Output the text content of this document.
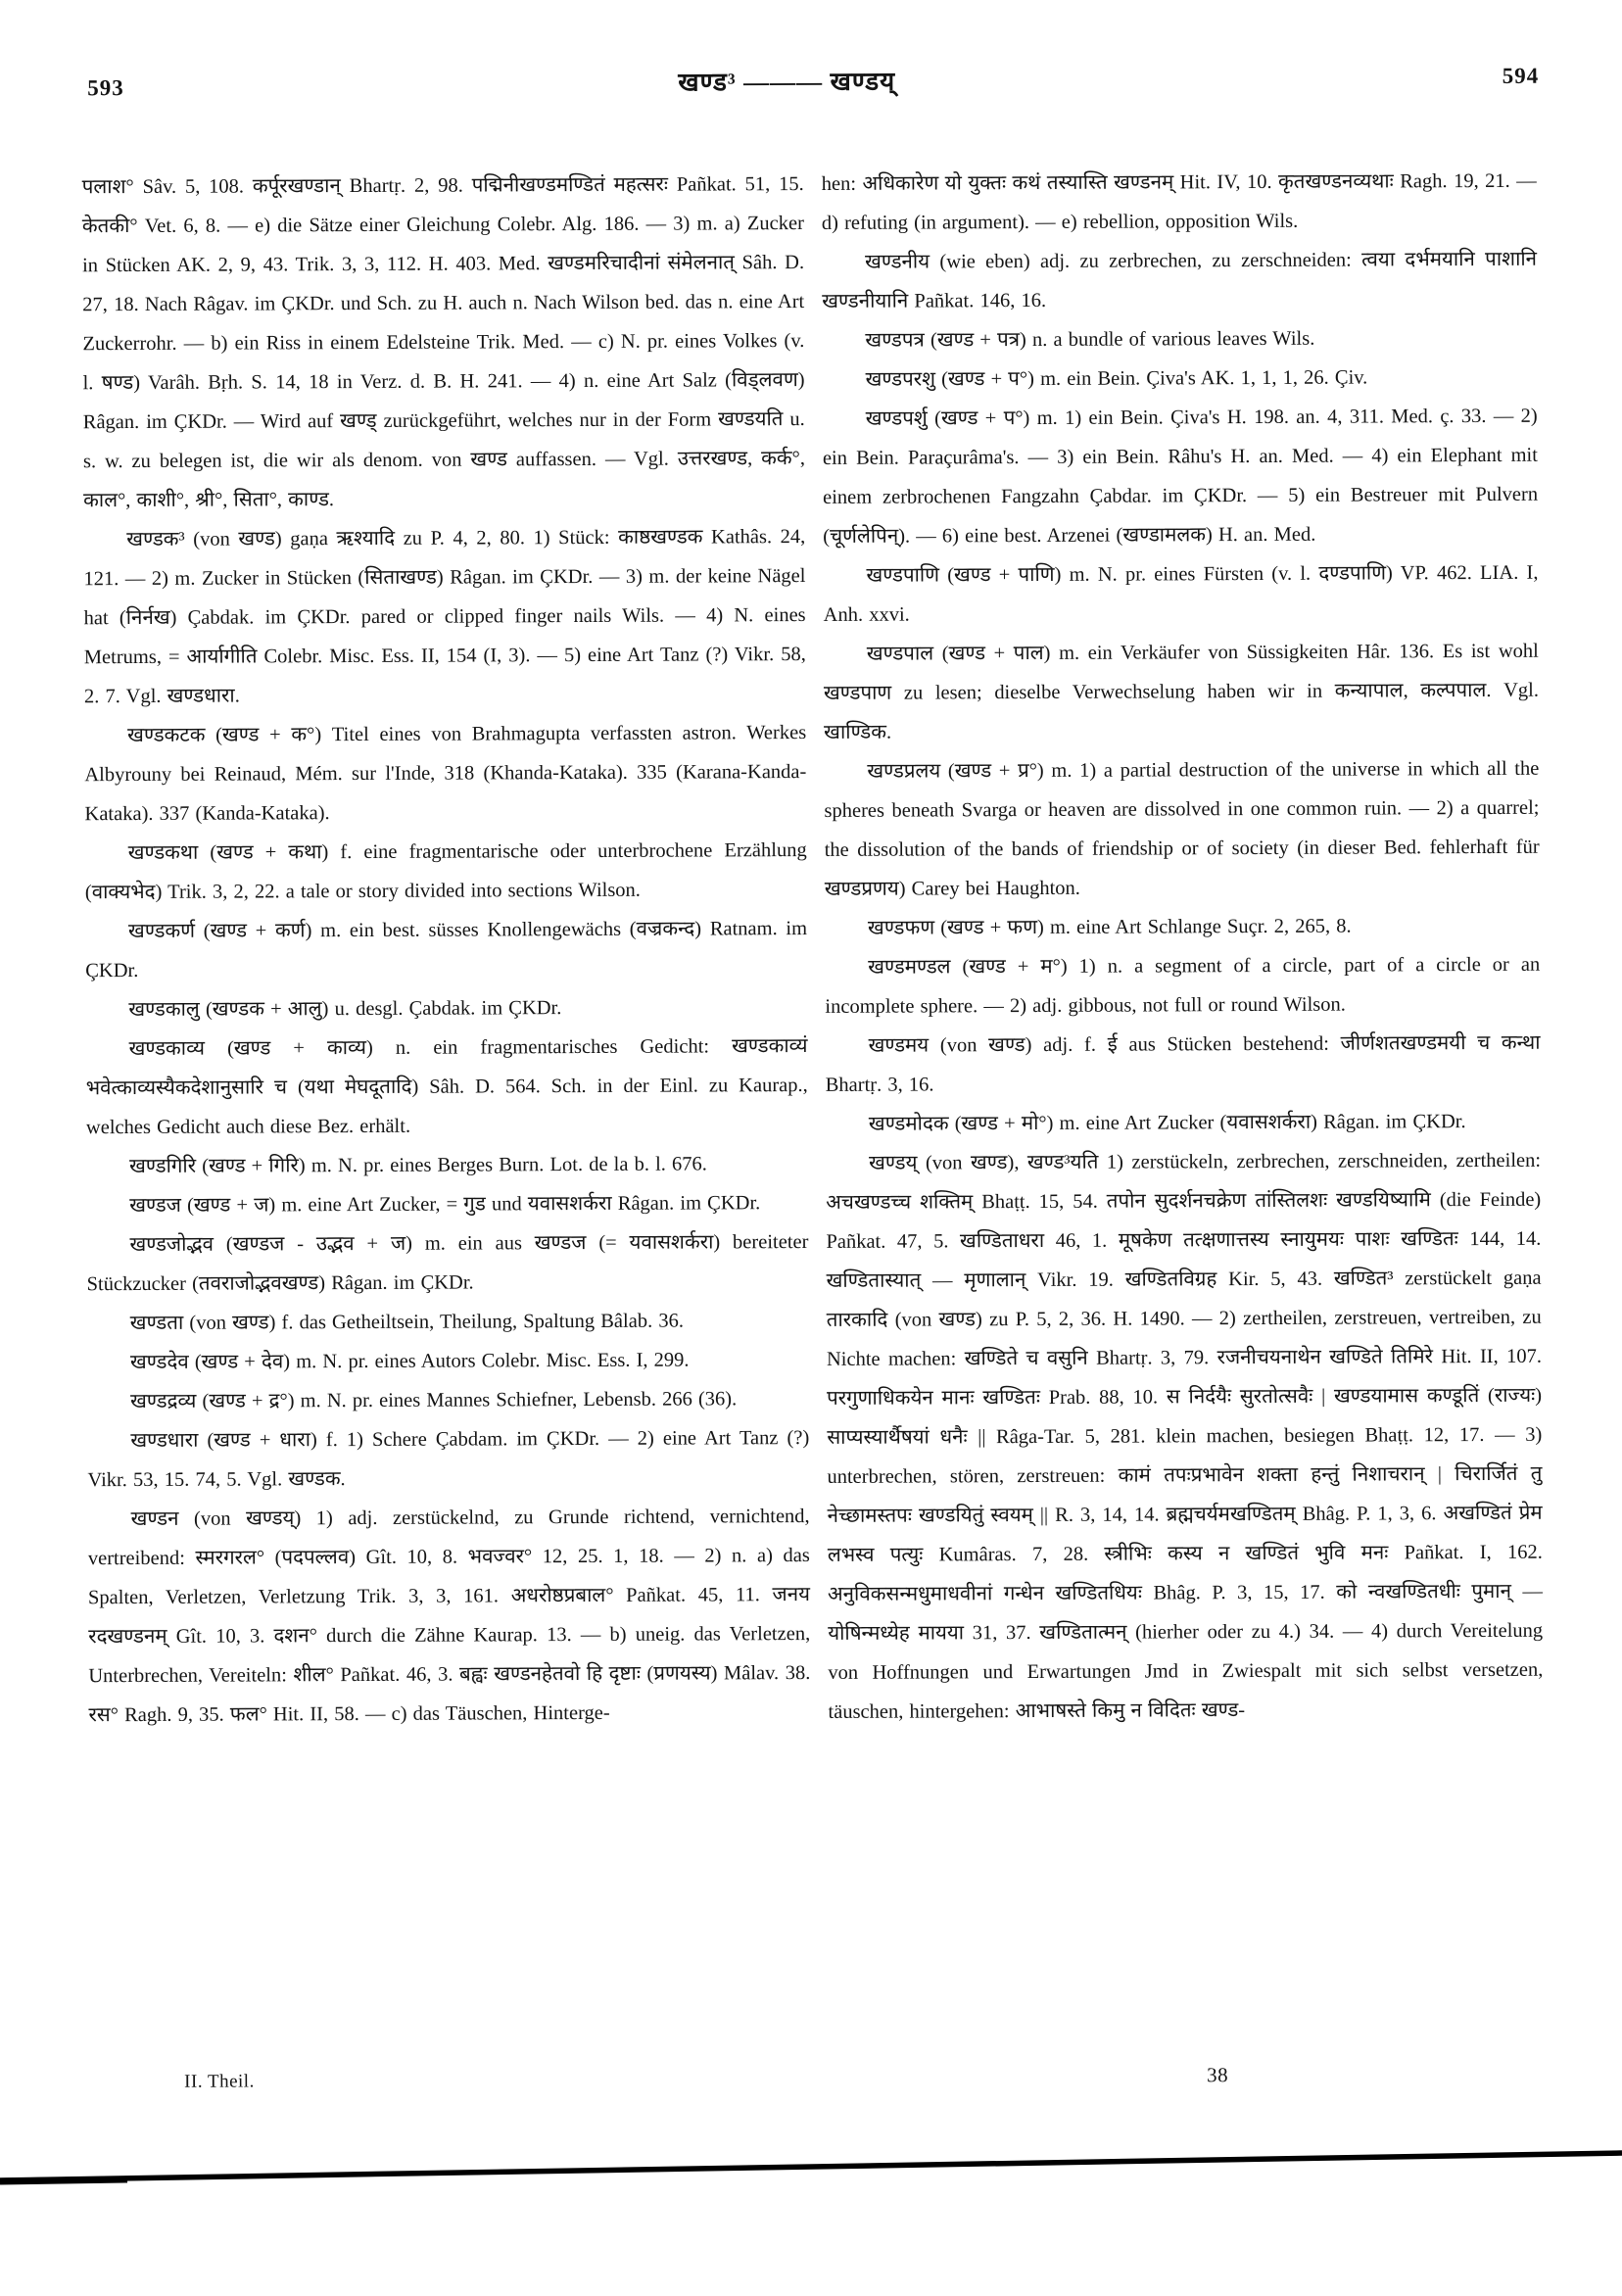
593	खण्ड³ ——— खण्डय्	594

पलाश° Sâv. 5, 108. कर्पूरखण्डान् Bhartṛ. 2, 98. पद्मिनीखण्डमण्डितं महत्सरः Pañkat. 51, 15. केतकी° Vet. 6, 8. — e) die Sätze einer Gleichung Colebr. Alg. 186. — 3) m. a) Zucker in Stücken AK. 2, 9, 43. Trik. 3, 3, 112. H. 403. Med. खण्डमरिचादीनां संमेलनात् Sâh. D. 27, 18. Nach Râgav. im ÇKDr. und Sch. zu H. auch n. Nach Wilson bed. das n. eine Art Zuckerrohr. — b) ein Riss in einem Edelsteine Trik. Med. — c) N. pr. eines Volkes (v. l. षण्ड) Varâh. Bṛh. S. 14, 18 in Verz. d. B. H. 241. — 4) n. eine Art Salz (विड्लवण) Râgan. im ÇKDr. — Wird auf खण्ड् zurückgeführt, welches nur in der Form खण्डयति u. s. w. zu belegen ist, die wir als denom. von खण्ड auffassen. — Vgl. उत्तरखण्ड, कर्क°, काल°, काशी°, श्री°, सिता°, काण्ड.

खण्डक³ (von खण्ड) gaṇa ऋश्यादि zu P. 4, 2, 80. 1) Stück: काष्ठखण्डक Kathâs. 24, 121. — 2) m. Zucker in Stücken (सिताखण्ड) Râgan. im ÇKDr. — 3) m. der keine Nägel hat (निर्नख) Çabdak. im ÇKDr. pared or clipped finger nails Wils. — 4) N. eines Metrums, = आर्यागीति Colebr. Misc. Ess. II, 154 (I, 3). — 5) eine Art Tanz (?) Vikr. 58, 2. 7. Vgl. खण्डधारा.

खण्डकटक (खण्ड + क°) Titel eines von Brahmagupta verfassten astron. Werkes Albyrouny bei Reinaud, Mém. sur l'Inde, 318 (Khanda-Kataka). 335 (Karana-Kanda-Kataka). 337 (Kanda-Kataka).

खण्डकथा (खण्ड + कथा) f. eine fragmentarische oder unterbrochene Erzählung (वाक्यभेद) Trik. 3, 2, 22. a tale or story divided into sections Wilson.

खण्डकर्ण (खण्ड + कर्ण) m. ein best. süsses Knollengewächs (वज्रकन्द) Ratnam. im ÇKDr.

खण्डकालु (खण्डक + आलु) u. desgl. Çabdak. im ÇKDr.

खण्डकाव्य (खण्ड + काव्य) n. ein fragmentarisches Gedicht: खण्डकाव्यं भवेत्काव्यस्यैकदेशानुसारि च (यथा मेघदूतादि) Sâh. D. 564. Sch. in der Einl. zu Kaurap., welches Gedicht auch diese Bez. erhält.

खण्डगिरि (खण्ड + गिरि) m. N. pr. eines Berges Burn. Lot. de la b. l. 676.

खण्डज (खण्ड + ज) m. eine Art Zucker, = गुड und यवासशर्करा Râgan. im ÇKDr.

खण्डजोद्भव (खण्डज - उद्भव + ज) m. ein aus खण्डज (= यवासशर्करा) bereiteter Stückzucker (तवराजोद्भवखण्ड) Râgan. im ÇKDr.

खण्डता (von खण्ड) f. das Getheiltsein, Theilung, Spaltung Bâlab. 36.

खण्डदेव (खण्ड + देव) m. N. pr. eines Autors Colebr. Misc. Ess. I, 299.

खण्डद्रव्य (खण्ड + द्र°) m. N. pr. eines Mannes Schiefner, Lebensb. 266 (36).

खण्डधारा (खण्ड + धारा) f. 1) Schere Çabdam. im ÇKDr. — 2) eine Art Tanz (?) Vikr. 53, 15. 74, 5. Vgl. खण्डक.

खण्डन (von खण्डय्) 1) adj. zerstückelnd, zu Grunde richtend, vernichtend, vertreibend: स्मरगरल° (पदपल्लव) Gît. 10, 8. भवज्वर° 12, 25. 1, 18. — 2) n. a) das Spalten, Verletzen, Verletzung Trik. 3, 3, 161. अधरोष्ठप्रबाल° Pañkat. 45, 11. जनय रदखण्डनम् Gît. 10, 3. दशन° durch die Zähne Kaurap. 13. — b) uneig. das Verletzen, Unterbrechen, Vereiteln: शील° Pañkat. 46, 3. बह्वः खण्डनहेतवो हि दृष्टाः (प्रणयस्य) Mâlav. 38. रस° Ragh. 9, 35. फल° Hit. II, 58. — c) das Täuschen, Hinterge-

hen: अधिकारेण यो युक्तः कथं तस्यास्ति खण्डनम् Hit. IV, 10. कृतखण्डनव्यथाः Ragh. 19, 21. — d) refuting (in argument). — e) rebellion, opposition Wils.

खण्डनीय (wie eben) adj. zu zerbrechen, zu zerschneiden: त्वया दर्भमयानि पाशानि खण्डनीयानि Pañkat. 146, 16.

खण्डपत्र (खण्ड + पत्र) n. a bundle of various leaves Wils.

खण्डपरशु (खण्ड + प°) m. ein Bein. Çiva's AK. 1, 1, 1, 26. Çiv.

खण्डपर्शु (खण्ड + प°) m. 1) ein Bein. Çiva's H. 198. an. 4, 311. Med. ç. 33. — 2) ein Bein. Paraçurâma's. — 3) ein Bein. Râhu's H. an. Med. — 4) ein Elephant mit einem zerbrochenen Fangzahn Çabdar. im ÇKDr. — 5) ein Bestreuer mit Pulvern (चूर्णलेपिन्). — 6) eine best. Arzenei (खण्डामलक) H. an. Med.

खण्डपाणि (खण्ड + पाणि) m. N. pr. eines Fürsten (v. l. दण्डपाणि) VP. 462. LIA. I, Anh. xxvi.

खण्डपाल (खण्ड + पाल) m. ein Verkäufer von Süssigkeiten Hâr. 136. Es ist wohl खण्डपाण zu lesen; dieselbe Verwechselung haben wir in कन्यापाल, कल्पपाल. Vgl. खाण्डिक.

खण्डप्रलय (खण्ड + प्र°) m. 1) a partial destruction of the universe in which all the spheres beneath Svarga or heaven are dissolved in one common ruin. — 2) a quarrel; the dissolution of the bands of friendship or of society (in dieser Bed. fehlerhaft für खण्डप्रणय) Carey bei Haughton.

खण्डफण (खण्ड + फण) m. eine Art Schlange Suçr. 2, 265, 8.

खण्डमण्डल (खण्ड + म°) 1) n. a segment of a circle, part of a circle or an incomplete sphere. — 2) adj. gibbous, not full or round Wilson.

खण्डमय (von खण्ड) adj. f. ई aus Stücken bestehend: जीर्णशतखण्डमयी च कन्था Bhartṛ. 3, 16.

खण्डमोदक (खण्ड + मो°) m. eine Art Zucker (यवासशर्करा) Râgan. im ÇKDr.

खण्डय् (von खण्ड), खण्ड³यति 1) zerstückeln, zerbrechen, zerschneiden, zertheilen: अचखण्डच्च शक्तिम् Bhaṭṭ. 15, 54. तपोन सुदर्शनचक्रेण तांस्तिलशः खण्डयिष्यामि (die Feinde) Pañkat. 47, 5. खण्डिताधरा 46, 1. मूषकेण तत्क्षणात्तस्य स्नायुमयः पाशः खण्डितः 144, 14. खण्डितास्यात् — मृणालान् Vikr. 19. खण्डितविग्रह Kir. 5, 43. खण्डित³ zerstückelt gaṇa तारकादि (von खण्ड) zu P. 5, 2, 36. H. 1490. — 2) zertheilen, zerstreuen, vertreiben, zu Nichte machen: खण्डिते च वसुनि Bhartṛ. 3, 79. रजनीचयनाथेन खण्डिते तिमिरे Hit. II, 107. परगुणाधिकयेन मानः खण्डितः Prab. 88, 10. स निर्दयैः सुरतोत्सवैः | खण्डयामास कण्डूतिं (राज्यः) साप्यस्यार्थैषयां धनैः || Râga-Tar. 5, 281. klein machen, besiegen Bhaṭṭ. 12, 17. — 3) unterbrechen, stören, zerstreuen: कामं तपःप्रभावेन शक्ता हन्तुं निशाचरान् | चिरार्जितं तु नेच्छामस्तपः खण्डयितुं स्वयम् || R. 3, 14, 14. ब्रह्मचर्यमखण्डितम् Bhâg. P. 1, 3, 6. अखण्डितं प्रेम लभस्व पत्युः Kumâras. 7, 28. स्त्रीभिः कस्य न खण्डितं भुवि मनः Pañkat. I, 162. अनुविकसन्मधुमाधवीनां गन्धेन खण्डितधियः Bhâg. P. 3, 15, 17. को न्वखण्डितधीः पुमान् — योषिन्मध्येह मायया 31, 37. खण्डितात्मन् (hierher oder zu 4.) 34. — 4) durch Vereitelung von Hoffnungen und Erwartungen Jmd in Zwiespalt mit sich selbst versetzen, täuschen, hintergehen: आभाषस्ते किमु न विदितः खण्ड-

II. Theil.	38
